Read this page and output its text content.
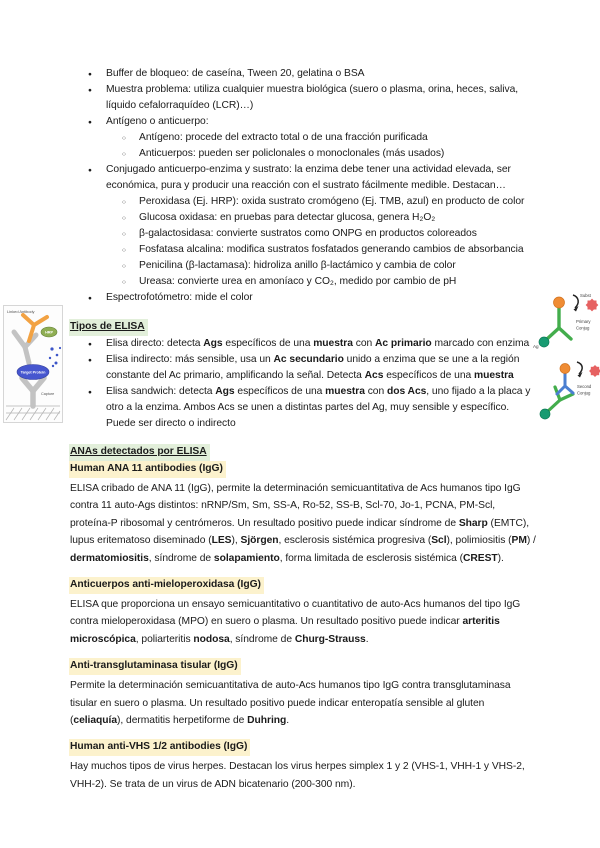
● Buffer de bloqueo: de caseína, Tween 20, gelatina o BSA
● Muestra problema: utiliza cualquier muestra biológica (suero o plasma, orina, heces, saliva, líquido cefalorraquídeo (LCR)…)
● Antígeno o anticuerpo:
○ Antígeno: procede del extracto total o de una fracción purificada
○ Anticuerpos: pueden ser policlonales o monoclonales (más usados)
● Conjugado anticuerpo-enzima y sustrato: la enzima debe tener una actividad elevada, ser económica, pura y producir una reacción con el sustrato fácilmente medible. Destacan…
○ Peroxidasa (Ej. HRP): oxida sustrato cromógeno (Ej. TMB, azul) en producto de color
○ Glucosa oxidasa: en pruebas para detectar glucosa, genera H₂O₂
○ β-galactosidasa: convierte sustratos como ONPG en productos coloreados
○ Fosfatasa alcalina: modifica sustratos fosfatados generando cambios de absorbancia
○ Penicilina (β-lactamasa): hidroliza anillo β-lactámico y cambia de color
○ Ureasa: convierte urea en amoníaco y CO₂, medido por cambio de pH
● Espectrofotómetro: mide el color
Tipos de ELISA
● Elisa directo: detecta Ags específicos de una muestra con Ac primario marcado con enzima
● Elisa indirecto: más sensible, usa un Ac secundario unido a enzima que se une a la región constante del Ac primario, amplificando la señal. Detecta Acs específicos de una muestra
● Elisa sandwich: detecta Ags específicos de una muestra con dos Acs, uno fijado a la placa y otro a la enzima. Ambos Acs se unen a distintas partes del Ag, muy sensible y específico. Puede ser directo o indirecto
ANAs detectados por ELISA
Human ANA 11 antibodies (IgG)

ELISA cribado de ANA 11 (IgG), permite la determinación semicuantitativa de Acs humanos tipo IgG contra 11 auto-Ags distintos: nRNP/Sm, Sm, SS-A, Ro-52, SS-B, Scl-70, Jo-1, PCNA, PM-Scl, proteína-P ribosomal y centrómeros. Un resultado positivo puede indicar síndrome de Sharp (EMTC), lupus eritematoso diseminado (LES), Sjörgen, esclerosis sistémica progresiva (Scl), polimiositis (PM) / dermatomiositis, síndrome de solapamiento, forma limitada de esclerosis sistémica (CREST).

Anticuerpos anti-mieloperoxidasa (IgG)

ELISA que proporciona un ensayo semicuantitativo o cuantitativo de auto-Acs humanos del tipo IgG contra mieloperoxidasa (MPO) en suero o plasma. Un resultado positivo puede indicar arteritis microscópica, poliarteritis nodosa, síndrome de Churg-Strauss.

Anti-transglutaminasa tisular (IgG)

Permite la determinación semicuantitativa de auto-Acs humanos tipo IgG contra transglutaminasa tisular en suero o plasma. Un resultado positivo puede indicar enteropatía sensible al gluten (celiaquía), dermatitis herpetiforme de Duhring.

Human anti-VHS 1/2 antibodies (IgG)

Hay muchos tipos de virus herpes. Destacan los virus herpes simplex 1 y 2 (VHS-1, VHH-1 y VHS-2, VHH-2). Se trata de un virus de ADN bicatenario (200-300 nm).

HRP
Target Protein
Linked Antibody
Capture
Subst
Primary
Conjug
Ag
Second
Conjug
